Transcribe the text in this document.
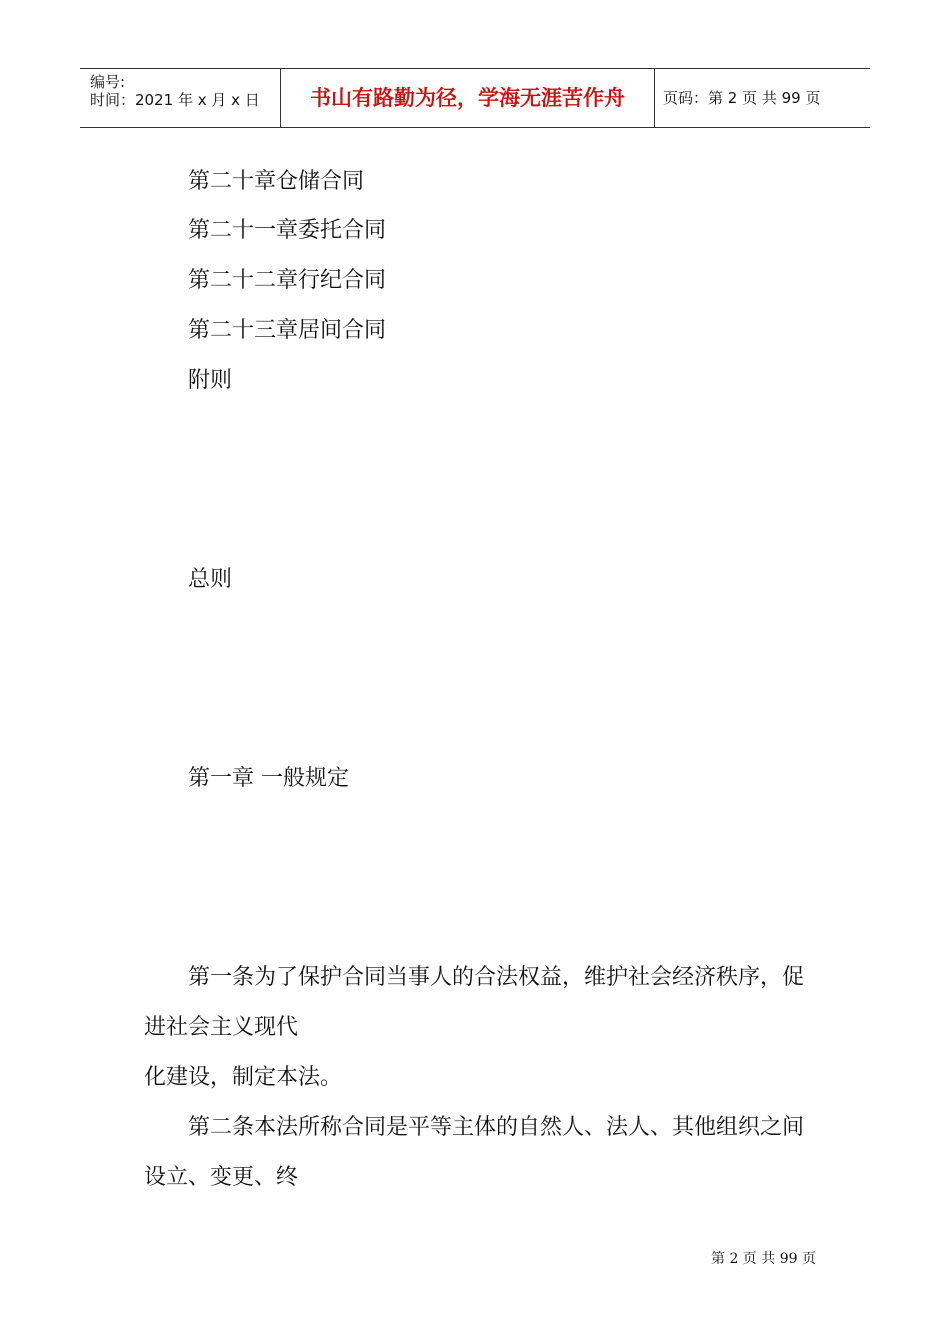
编号:
时间：2021 年 x 月 x 日	书山有路勤为径，学海无涯苦作舟	页码：第 2 页 共 99 页
第二十章仓储合同
第二十一章委托合同
第二十二章行纪合同
第二十三章居间合同
附则
总则
第一章 一般规定
第一条为了保护合同当事人的合法权益，维护社会经济秩序，促
进社会主义现代
化建设，制定本法。
第二条本法所称合同是平等主体的自然人、法人、其他组织之间
设立、变更、终
第 2 页 共 99 页
